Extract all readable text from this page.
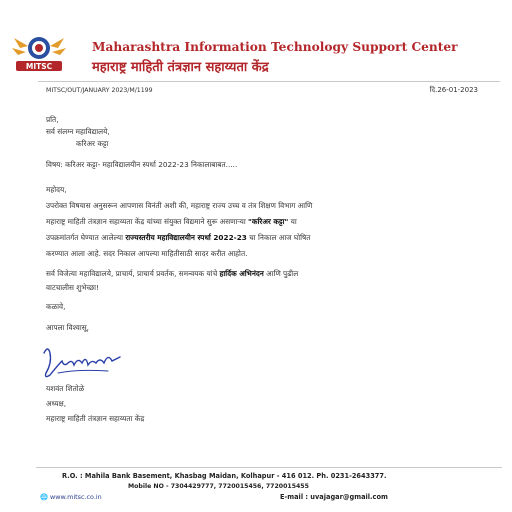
MITSC
Maharashtra Information Technology Support Center
महाराष्ट्र माहिती तंत्रज्ञान सहाय्यता केंद्र
MITSC/OUT/JANUARY 2023/M/1199	दि.26-01-2023
प्रति,
सर्व संलग्न महाविद्यालये,
करिअर कट्टा
विषय: करिअर कट्टा- महाविद्यालयीन स्पर्धा 2022-23 निकालाबाबत.....
महोदय,
उपरोक्त विषयास अनुसरून आपणास विनंती अशी की, महाराष्ट्र राज्य उच्च व तंत्र शिक्षण विभाग आणि
महाराष्ट्र माहिती तंत्रज्ञान सहाय्यता केंद्र यांच्या संयुक्त विद्यमाने सुरू असणाऱ्या "करिअर कट्टा" या
उपक्रमांतर्गत घेण्यात आलेल्या राज्यस्तरीय महाविद्यालयीन स्पर्धा 2022-23 चा निकाल आज घोषित
करण्यात आला आहे. सदर निकाल आपल्या माहितीसाठी सादर करीत आहोत.
सर्व विजेत्या महाविद्यालये, प्राचार्य, प्राचार्य प्रवर्तक, समन्वयक यांचे हार्दिक अभिनंदन आणि पुढील
वाटचालीस शुभेच्छा!
कळावे,
आपला विश्वासू,
यशवंत शितोळे
अध्यक्ष,
महाराष्ट्र माहिती तंत्रज्ञान सहाय्यता केंद्र
R.O. : Mahila Bank Basement, Khasbag Maidan, Kolhapur - 416 012. Ph. 0231-2643377.
Mobile NO - 7304429777, 7720015456, 7720015455
🌐 www.mitsc.co.in	E-mail : uvajagar@gmail.com
